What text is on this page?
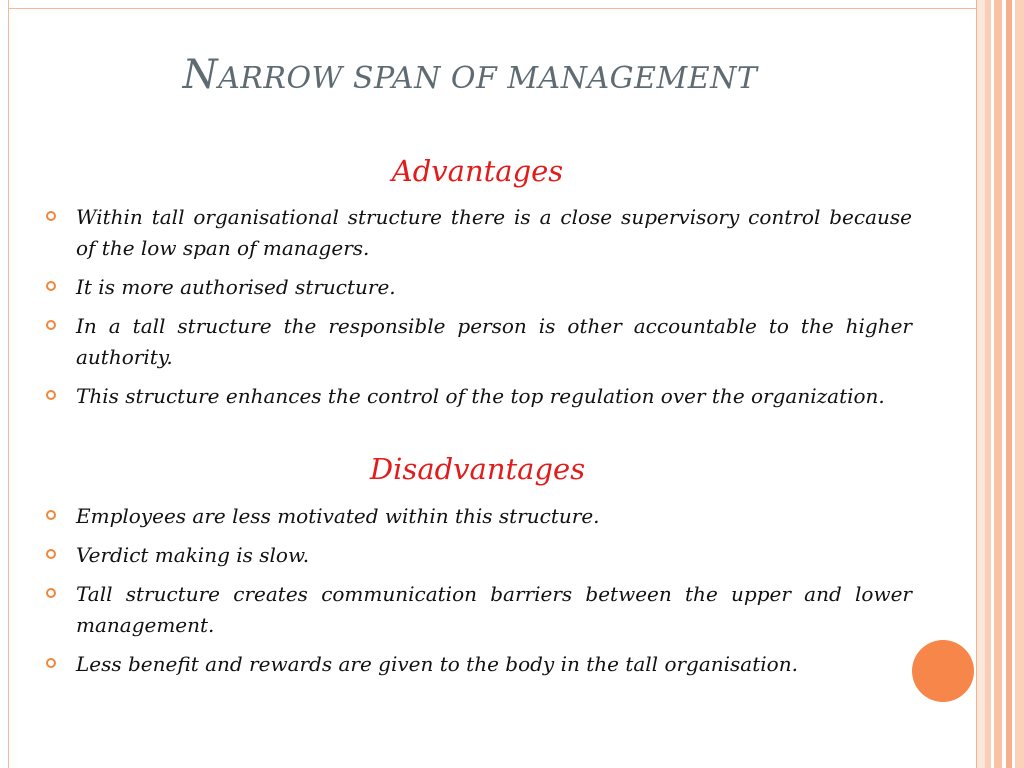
NARROW SPAN OF MANAGEMENT
Advantages
Within tall organisational structure there is a close supervisory control because of the low span of managers.
It is more authorised structure.
In a tall structure the responsible person is other accountable to the higher authority.
This structure enhances the control of the top regulation over the organization.
Disadvantages
Employees are less motivated within this structure.
Verdict making is slow.
Tall structure creates communication barriers between the upper and lower management.
Less benefit and rewards are given to the body in the tall organisation.
